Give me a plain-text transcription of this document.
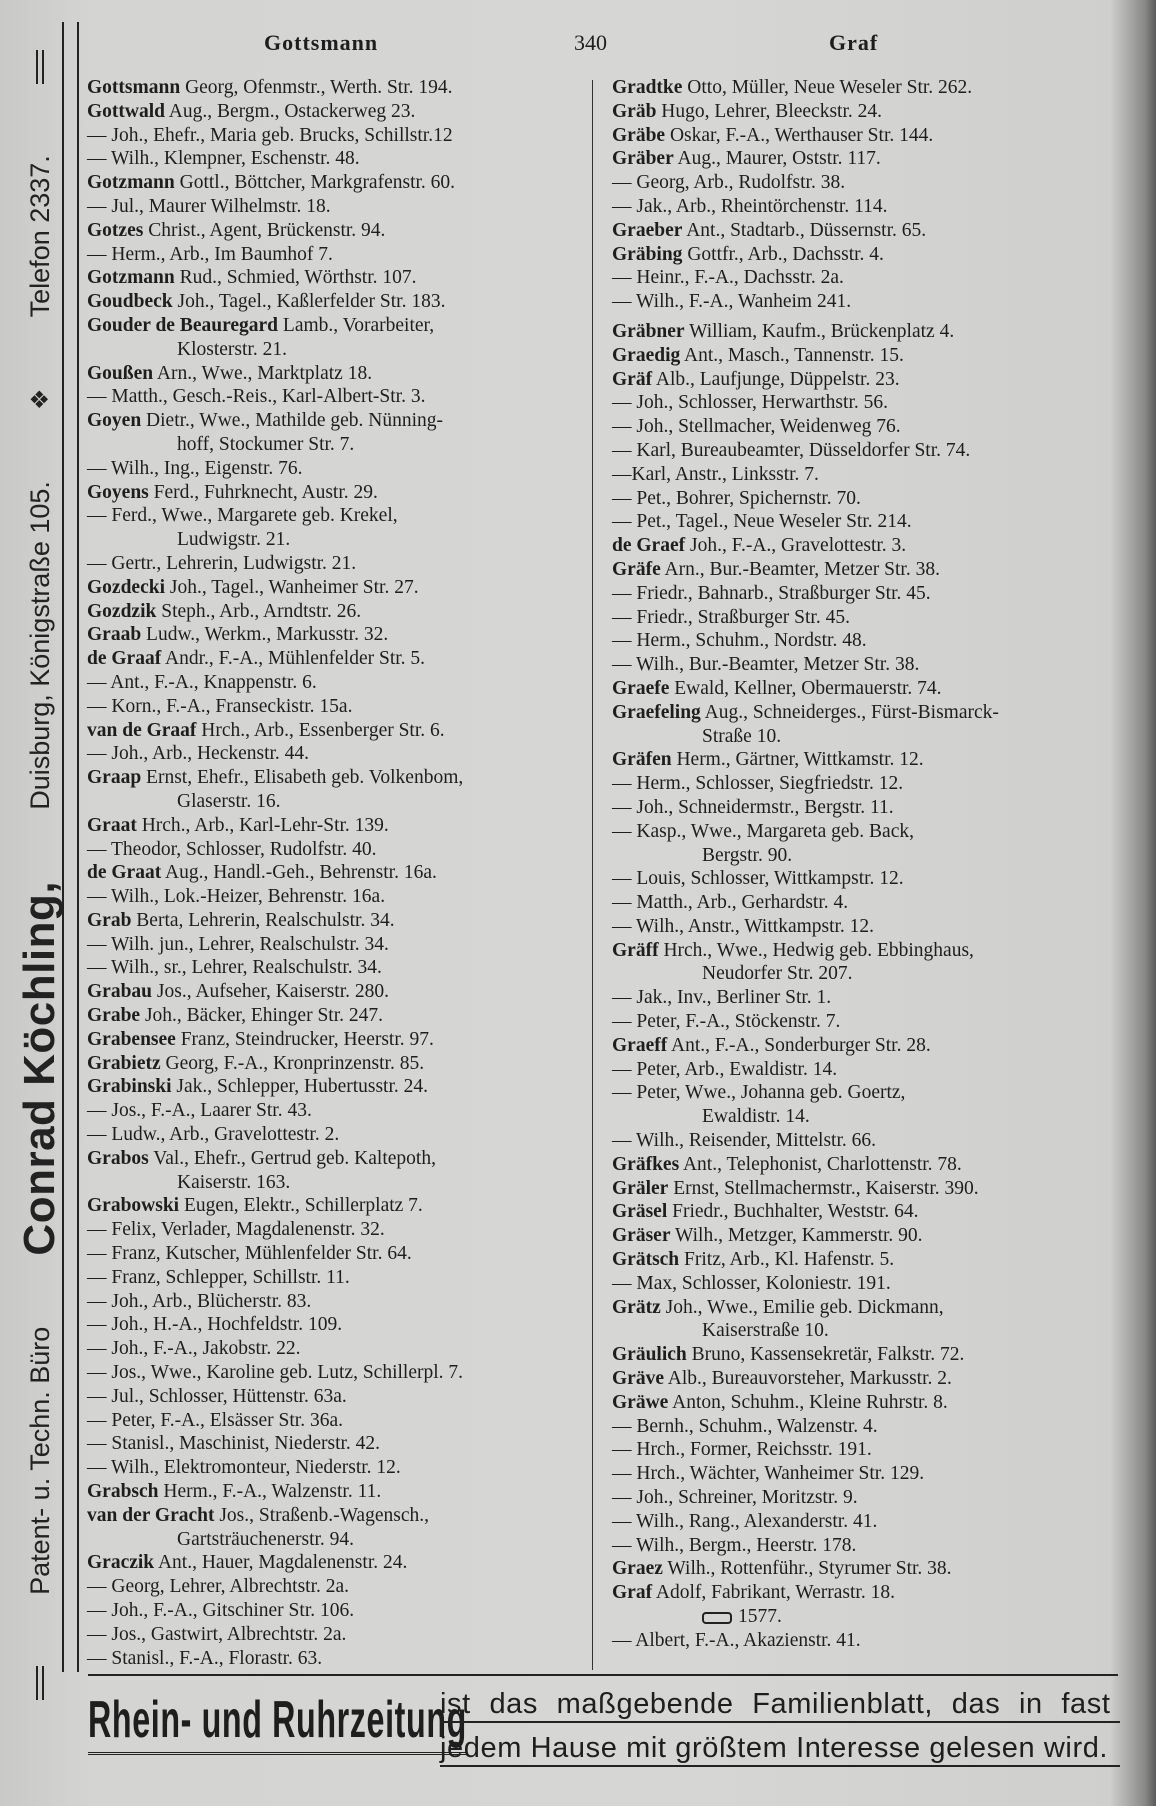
Patent- u. Techn. Büro
Conrad Köchling,
Duisburg, Königstraße 105.
❖
Telefon 2337.
Gottsmann	340	Graf
Gottsmann Georg, Ofenmstr., Werth. Str. 194.
Gottwald Aug., Bergm., Ostackerweg 23.
— Joh., Ehefr., Maria geb. Brucks, Schillstr.12
— Wilh., Klempner, Eschenstr. 48.
Gotzmann Gottl., Böttcher, Markgrafenstr. 60.
— Jul., Maurer Wilhelmstr. 18.
Gotzes Christ., Agent, Brückenstr. 94.
— Herm., Arb., Im Baumhof 7.
Gotzmann Rud., Schmied, Wörthstr. 107.
Goudbeck Joh., Tagel., Kaßlerfelder Str. 183.
Gouder de Beauregard Lamb., Vorarbeiter,
Klosterstr. 21.
Goußen Arn., Wwe., Marktplatz 18.
— Matth., Gesch.-Reis., Karl-Albert-Str. 3.
Goyen Dietr., Wwe., Mathilde geb. Nünning-
hoff, Stockumer Str. 7.
— Wilh., Ing., Eigenstr. 76.
Goyens Ferd., Fuhrknecht, Austr. 29.
— Ferd., Wwe., Margarete geb. Krekel,
Ludwigstr. 21.
— Gertr., Lehrerin, Ludwigstr. 21.
Gozdecki Joh., Tagel., Wanheimer Str. 27.
Gozdzik Steph., Arb., Arndtstr. 26.
Graab Ludw., Werkm., Markusstr. 32.
de Graaf Andr., F.-A., Mühlenfelder Str. 5.
— Ant., F.-A., Knappenstr. 6.
— Korn., F.-A., Franseckistr. 15a.
van de Graaf Hrch., Arb., Essenberger Str. 6.
— Joh., Arb., Heckenstr. 44.
Graap Ernst, Ehefr., Elisabeth geb. Volkenbom,
Glaserstr. 16.
Graat Hrch., Arb., Karl-Lehr-Str. 139.
— Theodor, Schlosser, Rudolfstr. 40.
de Graat Aug., Handl.-Geh., Behrenstr. 16a.
— Wilh., Lok.-Heizer, Behrenstr. 16a.
Grab Berta, Lehrerin, Realschulstr. 34.
— Wilh. jun., Lehrer, Realschulstr. 34.
— Wilh., sr., Lehrer, Realschulstr. 34.
Grabau Jos., Aufseher, Kaiserstr. 280.
Grabe Joh., Bäcker, Ehinger Str. 247.
Grabensee Franz, Steindrucker, Heerstr. 97.
Grabietz Georg, F.-A., Kronprinzenstr. 85.
Grabinski Jak., Schlepper, Hubertusstr. 24.
— Jos., F.-A., Laarer Str. 43.
— Ludw., Arb., Gravelottestr. 2.
Grabos Val., Ehefr., Gertrud geb. Kaltepoth,
Kaiserstr. 163.
Grabowski Eugen, Elektr., Schillerplatz 7.
— Felix, Verlader, Magdalenenstr. 32.
— Franz, Kutscher, Mühlenfelder Str. 64.
— Franz, Schlepper, Schillstr. 11.
— Joh., Arb., Blücherstr. 83.
— Joh., H.-A., Hochfeldstr. 109.
— Joh., F.-A., Jakobstr. 22.
— Jos., Wwe., Karoline geb. Lutz, Schillerpl. 7.
— Jul., Schlosser, Hüttenstr. 63a.
— Peter, F.-A., Elsässer Str. 36a.
— Stanisl., Maschinist, Niederstr. 42.
— Wilh., Elektromonteur, Niederstr. 12.
Grabsch Herm., F.-A., Walzenstr. 11.
van der Gracht Jos., Straßenb.-Wagensch.,
Gartsträuchenerstr. 94.
Graczik Ant., Hauer, Magdalenenstr. 24.
— Georg, Lehrer, Albrechtstr. 2a.
— Joh., F.-A., Gitschiner Str. 106.
— Jos., Gastwirt, Albrechtstr. 2a.
— Stanisl., F.-A., Florastr. 63.
Gradtke Otto, Müller, Neue Weseler Str. 262.
Gräb Hugo, Lehrer, Bleeckstr. 24.
Gräbe Oskar, F.-A., Werthauser Str. 144.
Gräber Aug., Maurer, Oststr. 117.
— Georg, Arb., Rudolfstr. 38.
— Jak., Arb., Rheintörchenstr. 114.
Graeber Ant., Stadtarb., Düssernstr. 65.
Gräbing Gottfr., Arb., Dachsstr. 4.
— Heinr., F.-A., Dachsstr. 2a.
— Wilh., F.-A., Wanheim 241.
Gräbner William, Kaufm., Brückenplatz 4.
Graedig Ant., Masch., Tannenstr. 15.
Gräf Alb., Laufjunge, Düppelstr. 23.
— Joh., Schlosser, Herwarthstr. 56.
— Joh., Stellmacher, Weidenweg 76.
— Karl, Bureaubeamter, Düsseldorfer Str. 74.
—Karl, Anstr., Linksstr. 7.
— Pet., Bohrer, Spichernstr. 70.
— Pet., Tagel., Neue Weseler Str. 214.
de Graef Joh., F.-A., Gravelottestr. 3.
Gräfe Arn., Bur.-Beamter, Metzer Str. 38.
— Friedr., Bahnarb., Straßburger Str. 45.
— Friedr., Straßburger Str. 45.
— Herm., Schuhm., Nordstr. 48.
— Wilh., Bur.-Beamter, Metzer Str. 38.
Graefe Ewald, Kellner, Obermauerstr. 74.
Graefeling Aug., Schneiderges., Fürst-Bismarck-
Straße 10.
Gräfen Herm., Gärtner, Wittkamstr. 12.
— Herm., Schlosser, Siegfriedstr. 12.
— Joh., Schneidermstr., Bergstr. 11.
— Kasp., Wwe., Margareta geb. Back,
Bergstr. 90.
— Louis, Schlosser, Wittkampstr. 12.
— Matth., Arb., Gerhardstr. 4.
— Wilh., Anstr., Wittkampstr. 12.
Gräff Hrch., Wwe., Hedwig geb. Ebbinghaus,
Neudorfer Str. 207.
— Jak., Inv., Berliner Str. 1.
— Peter, F.-A., Stöckenstr. 7.
Graeff Ant., F.-A., Sonderburger Str. 28.
— Peter, Arb., Ewaldistr. 14.
— Peter, Wwe., Johanna geb. Goertz,
Ewaldistr. 14.
— Wilh., Reisender, Mittelstr. 66.
Gräfkes Ant., Telephonist, Charlottenstr. 78.
Gräler Ernst, Stellmachermstr., Kaiserstr. 390.
Gräsel Friedr., Buchhalter, Weststr. 64.
Gräser Wilh., Metzger, Kammerstr. 90.
Grätsch Fritz, Arb., Kl. Hafenstr. 5.
— Max, Schlosser, Koloniestr. 191.
Grätz Joh., Wwe., Emilie geb. Dickmann,
Kaiserstraße 10.
Gräulich Bruno, Kassensekretär, Falkstr. 72.
Gräve Alb., Bureauvorsteher, Markusstr. 2.
Gräwe Anton, Schuhm., Kleine Ruhrstr. 8.
— Bernh., Schuhm., Walzenstr. 4.
— Hrch., Former, Reichsstr. 191.
— Hrch., Wächter, Wanheimer Str. 129.
— Joh., Schreiner, Moritzstr. 9.
— Wilh., Rang., Alexanderstr. 41.
— Wilh., Bergm., Heerstr. 178.
Graez Wilh., Rottenführ., Styrumer Str. 38.
Graf Adolf, Fabrikant, Werrastr. 18.
1577.
— Albert, F.-A., Akazienstr. 41.
Rhein- und Ruhrzeitung
ist das maßgebende Familienblatt, das in fast
jedem Hause mit größtem Interesse gelesen wird.
